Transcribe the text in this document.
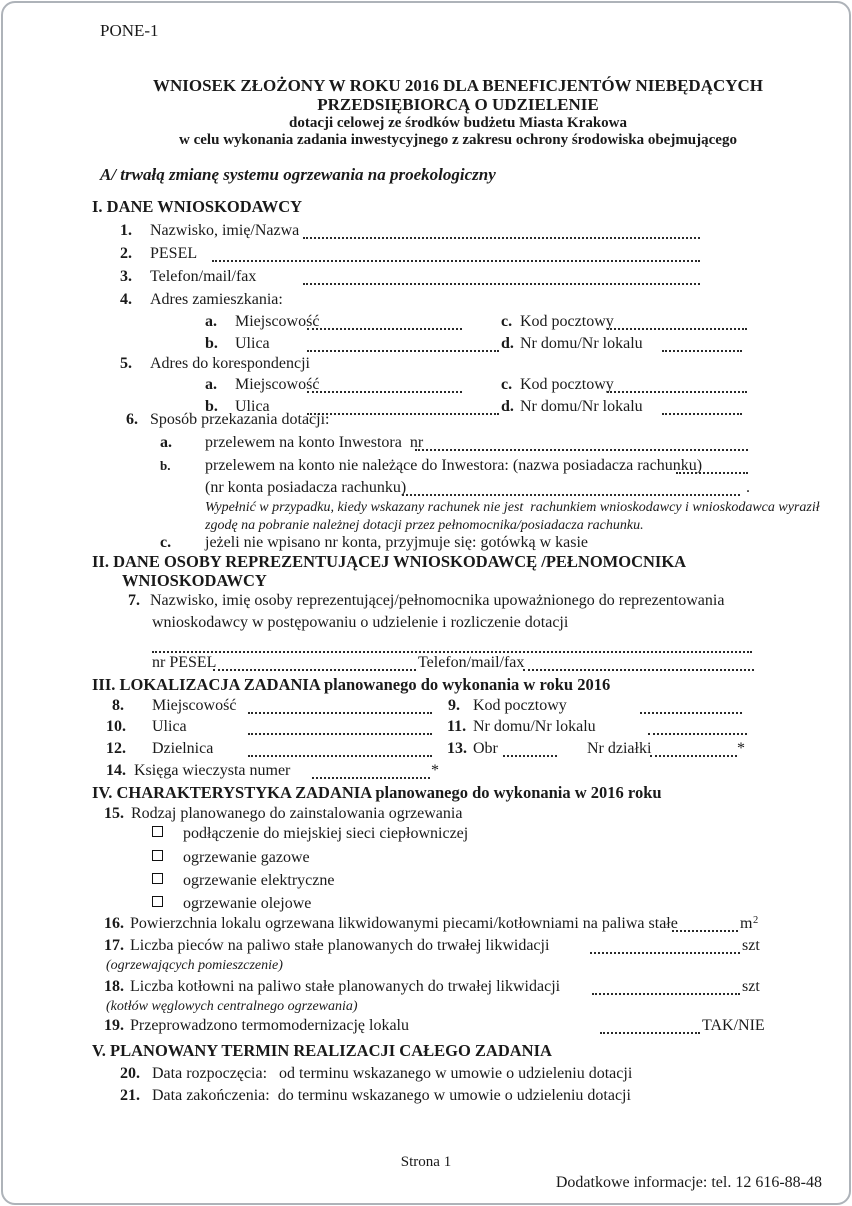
PONE-1
WNIOSEK ZŁOŻONY W ROKU 2016 DLA BENEFICJENTÓW NIEBĘDĄCYCH
PRZEDSIĘBIORCĄ O UDZIELENIE
dotacji celowej ze środków budżetu Miasta Krakowa
w celu wykonania zadania inwestycyjnego z zakresu ochrony środowiska obejmującego
A/ trwałą zmianę systemu ogrzewania na proekologiczny
I. DANE WNIOSKODAWCY
1. Nazwisko, imię/Nazwa
2. PESEL
3. Telefon/mail/fax
4. Adres zamieszkania:
a. Miejscowość	c. Kod pocztowy
b. Ulica	d. Nr domu/Nr lokalu
5. Adres do korespondencji
a. Miejscowość	c. Kod pocztowy
b. Ulica	d. Nr domu/Nr lokalu
6. Sposób przekazania dotacji:
a. przelewem na konto Inwestora  nr
b. przelewem na konto nie należące do Inwestora: (nazwa posiadacza rachunku)
(nr konta posiadacza rachunku)	.
Wypełnić w przypadku, kiedy wskazany rachunek nie jest  rachunkiem wnioskodawcy i wnioskodawca wyraził
zgodę na pobranie należnej dotacji przez pełnomocnika/posiadacza rachunku.
c. jeżeli nie wpisano nr konta, przyjmuje się: gotówką w kasie
II. DANE OSOBY REPREZENTUJĄCEJ WNIOSKODAWCĘ /PEŁNOMOCNIKA
WNIOSKODAWCY
7. Nazwisko, imię osoby reprezentującej/pełnomocnika upoważnionego do reprezentowania
wnioskodawcy w postępowaniu o udzielenie i rozliczenie dotacji
nr PESEL	Telefon/mail/fax
III. LOKALIZACJA ZADANIA planowanego do wykonania w roku 2016
8. Miejscowość	9. Kod pocztowy
10. Ulica	11. Nr domu/Nr lokalu
12. Dzielnica	13. Obr	Nr działki	*
14. Księga wieczysta numer	*
IV. CHARAKTERYSTYKA ZADANIA planowanego do wykonania w 2016 roku
15. Rodzaj planowanego do zainstalowania ogrzewania
podłączenie do miejskiej sieci ciepłowniczej
ogrzewanie gazowe
ogrzewanie elektryczne
ogrzewanie olejowe
16. Powierzchnia lokalu ogrzewana likwidowanymi piecami/kotłowniami na paliwa stałe	m 2
17. Liczba pieców na paliwo stałe planowanych do trwałej likwidacji	szt
(ogrzewających pomieszczenie)
18. Liczba kotłowni na paliwo stałe planowanych do trwałej likwidacji	szt
(kotłów węglowych centralnego ogrzewania)
19. Przeprowadzono termomodernizację lokalu	TAK/NIE
V. PLANOWANY TERMIN REALIZACJI CAŁEGO ZADANIA
20. Data rozpoczęcia:   od terminu wskazanego w umowie o udzieleniu dotacji
21. Data zakończenia:  do terminu wskazanego w umowie o udzieleniu dotacji
Strona 1
Dodatkowe informacje: tel. 12 616-88-48
